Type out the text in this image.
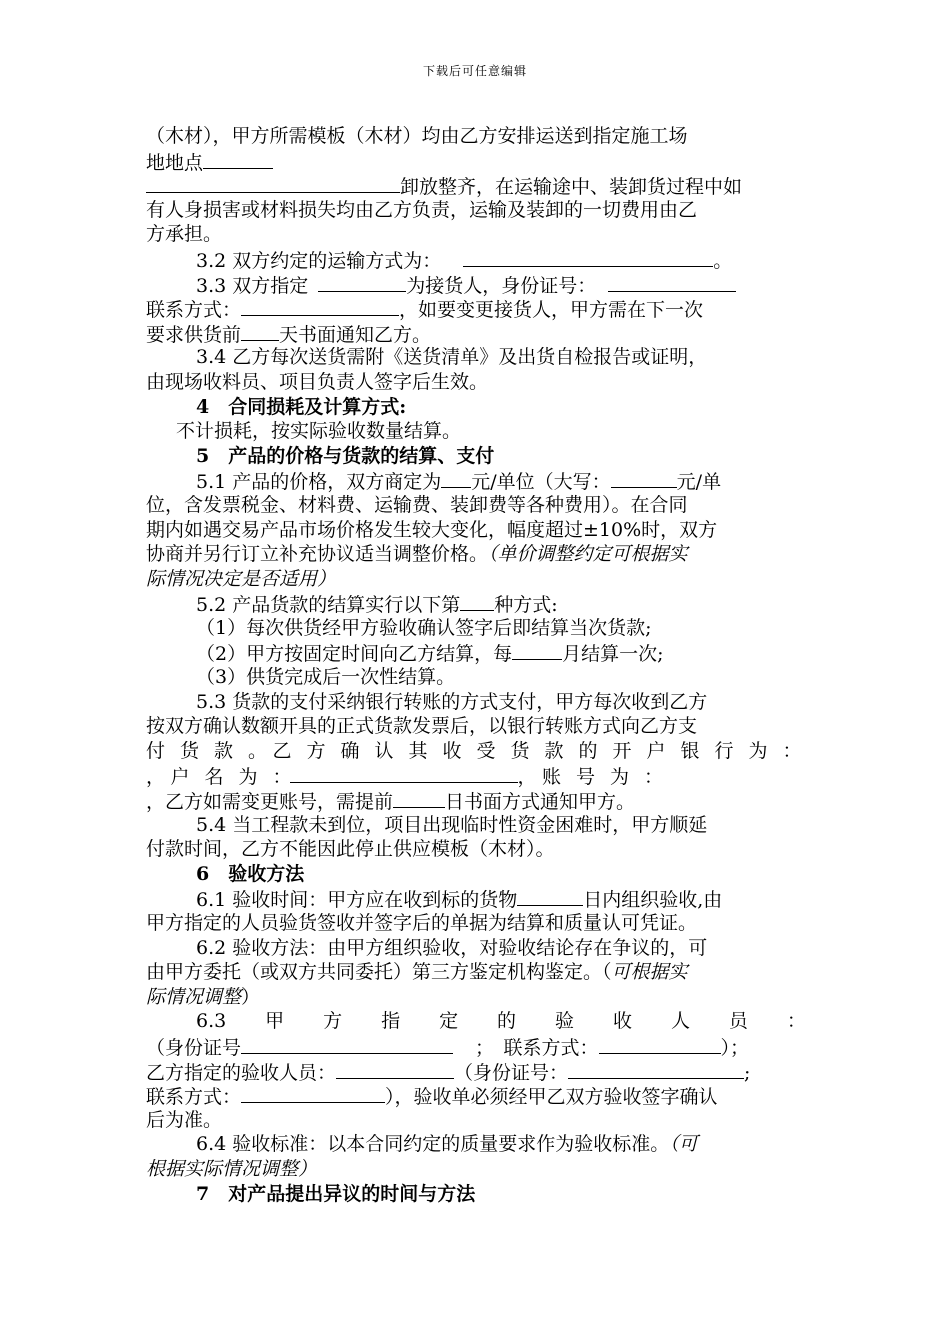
下载后可任意编辑
（木材），甲方所需模板（木材）均由乙方安排运送到指定施工场
地地点
卸放整齐，在运输途中、装卸货过程中如
有人身损害或材料损失均由乙方负责，运输及装卸的一切费用由乙
方承担。
3.2 双方约定的运输方式为：	。
3.3 双方指定	为接货人，身份证号：
联系方式：	，如要变更接货人，甲方需在下一次
要求供货前 天书面通知乙方。
3.4 乙方每次送货需附《送货清单》及出货自检报告或证明，
由现场收料员、项目负责人签字后生效。
4　合同损耗及计算方式:
不计损耗，按实际验收数量结算。
5　产品的价格与货款的结算、支付
5.1 产品的价格，双方商定为 元/单位（大写：	元/单
位，含发票税金、材料费、运输费、装卸费等各种费用）。在合同
期内如遇交易产品市场价格发生较大变化，幅度超过±10%时，双方
协商并另行订立补充协议适当调整价格。（单价调整约定可根据实
际情况决定是否适用）
5.2 产品货款的结算实行以下第 种方式:
（1）每次供货经甲方验收确认签字后即结算当次货款;
（2）甲方按固定时间向乙方结算，每	月结算一次;
（3）供货完成后一次性结算。
5.3 货款的支付采纳银行转账的方式支付，甲方每次收到乙方
按双方确认数额开具的正式货款发票后，以银行转账方式向乙方支
付　货　款　。　乙　方　确　认　其　收　受　货　款　的　开　户　银　行　为　：
，　户　名　为　：	，　账　号　为　：
，乙方如需变更账号，需提前	日书面方式通知甲方。
5.4 当工程款未到位，项目出现临时性资金困难时，甲方顺延
付款时间，乙方不能因此停止供应模板（木材）。
6　验收方法
6.1 验收时间：甲方应在收到标的货物	日内组织验收,由
甲方指定的人员验货签收并签字后的单据为结算和质量认可凭证。
6.2 验收方法：由甲方组织验收，对验收结论存在争议的，可
由甲方委托（或双方共同委托）第三方鉴定机构鉴定。（可根据实
际情况调整）
6.3 甲 方 指 定 的 验 收 人 员 ：
（身份证号	；　联系方式：	）；
乙方指定的验收人员：	（身份证号：	;
联系方式：	），验收单必须经甲乙双方验收签字确认
后为准。
6.4 验收标准：以本合同约定的质量要求作为验收标准。（可
根据实际情况调整）
7　对产品提出异议的时间与方法
